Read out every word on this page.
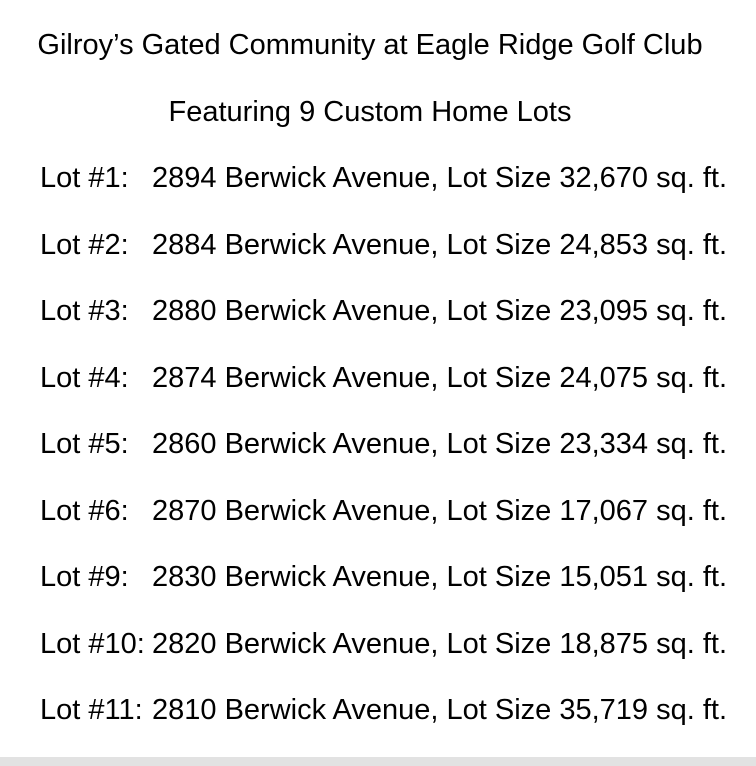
Gilroy’s Gated Community at Eagle Ridge Golf Club
Featuring 9 Custom Home Lots
Lot #1: 2894 Berwick Avenue, Lot Size 32,670 sq. ft.
Lot #2: 2884 Berwick Avenue, Lot Size 24,853 sq. ft.
Lot #3: 2880 Berwick Avenue, Lot Size 23,095 sq. ft.
Lot #4: 2874 Berwick Avenue, Lot Size 24,075 sq. ft.
Lot #5: 2860 Berwick Avenue, Lot Size 23,334 sq. ft.
Lot #6: 2870 Berwick Avenue, Lot Size 17,067 sq. ft.
Lot #9: 2830 Berwick Avenue, Lot Size 15,051 sq. ft.
Lot #10: 2820 Berwick Avenue, Lot Size 18,875 sq. ft.
Lot #11: 2810 Berwick Avenue, Lot Size 35,719 sq. ft.
